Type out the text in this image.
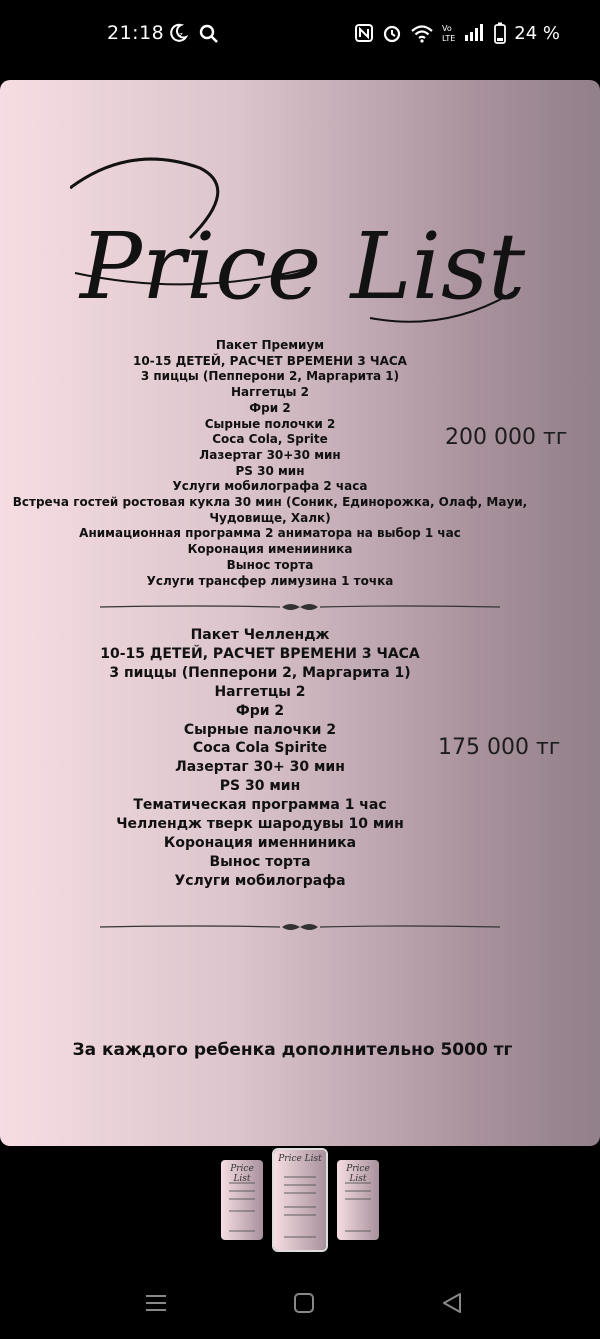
21:18 z
Vo
LTE	24 %
Price List
Пакет Премиум
10-15 ДЕТЕЙ, РАСЧЕТ ВРЕМЕНИ 3 ЧАСА
3 пиццы (Пепперони 2, Маргарита 1)
Наггетцы 2
Фри 2
Сырные полочки 2
Coca Cola, Sprite
Лазертаг 30+30 мин
PS 30 мин
Услуги мобилографа 2 часа
Встреча гостей ростовая кукла 30 мин (Соник, Единорожка, Олаф, Мауи,
Чудовище, Халк)
Анимационная программа 2 аниматора на выбор 1 час
Коронация именииника
Вынос торта
Услуги трансфер лимузина 1 точка
200 000 тг
Пакет Челлендж
10-15 ДЕТЕЙ, РАСЧЕТ ВРЕМЕНИ 3 ЧАСА
3 пиццы (Пепперони 2, Маргарита 1)
Наггетцы 2
Фри 2
Сырные палочки 2
Coca Cola Spirite
Лазертаг 30+ 30 мин
PS 30 мин
Тематическая программа 1 час
Челлендж тверк шародувы 10 мин
Коронация именниника
Вынос торта
Услуги мобилографа
175 000 тг
За каждого ребенка дополнительно 5000 тг
Price List
Price List
Price List
